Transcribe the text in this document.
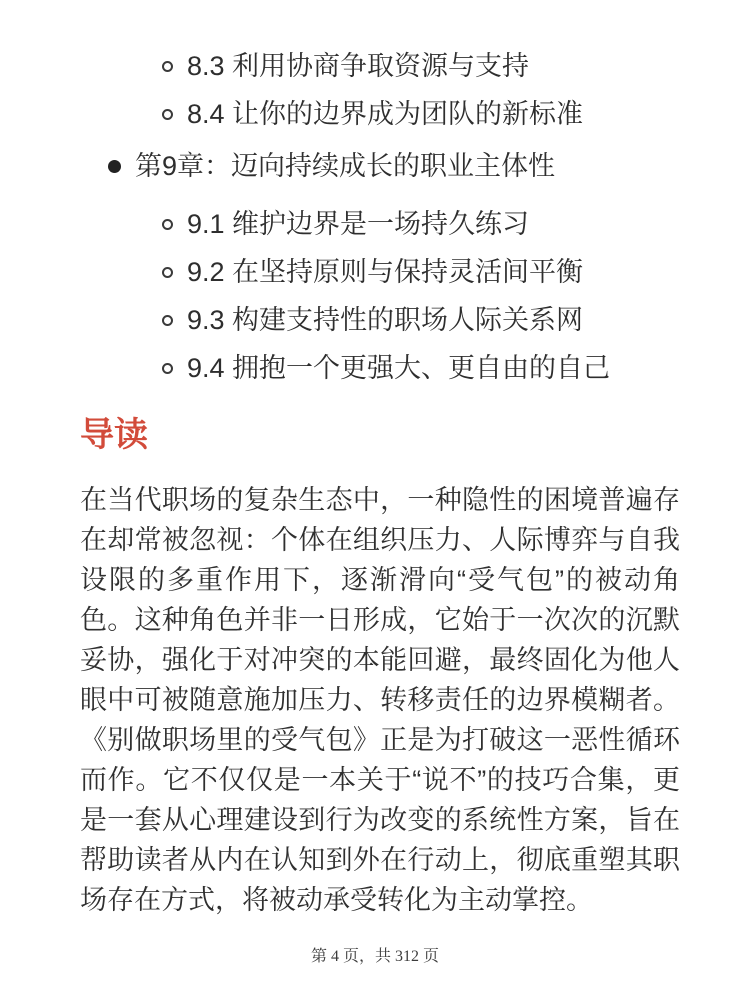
8.3 利用协商争取资源与支持
8.4 让你的边界成为团队的新标准
第9章：迈向持续成长的职业主体性
9.1 维护边界是一场持久练习
9.2 在坚持原则与保持灵活间平衡
9.3 构建支持性的职场人际关系网
9.4 拥抱一个更强大、更自由的自己
导读

在当代职场的复杂生态中，一种隐性的困境普遍存在却常被忽视：个体在组织压力、人际博弈与自我设限的多重作用下，逐渐滑向“受气包”的被动角色。这种角色并非一日形成，它始于一次次的沉默妥协，强化于对冲突的本能回避，最终固化为他人眼中可被随意施加压力、转移责任的边界模糊者。《别做职场里的受气包》正是为打破这一恶性循环而作。它不仅仅是一本关于“说不”的技巧合集，更是一套从心理建设到行为改变的系统性方案，旨在帮助读者从内在认知到外在行动上，彻底重塑其职场存在方式，将被动承受转化为主动掌控。

第 4 页，共 312 页
